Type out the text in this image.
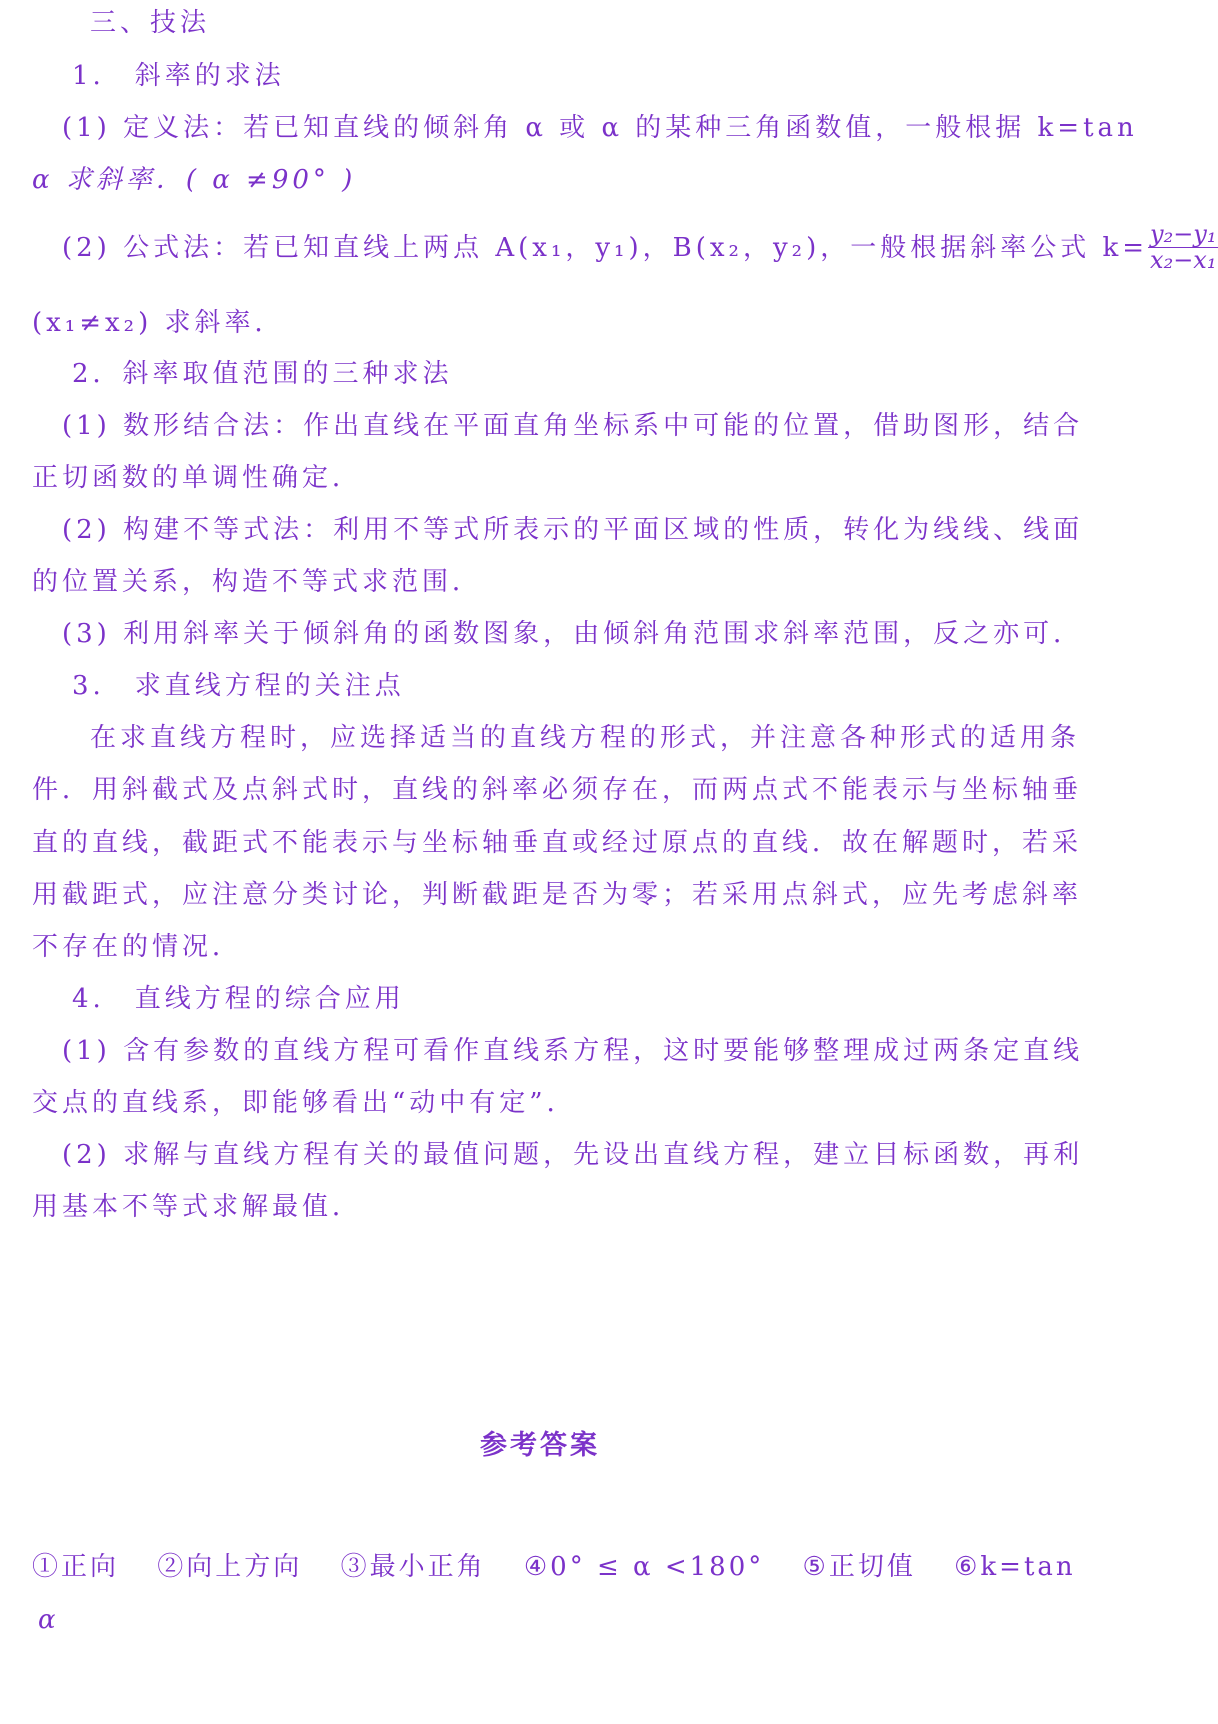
三、技法

1.　斜率的求法

(1) 定义法：若已知直线的倾斜角 α 或 α 的某种三角函数值，一般根据 k=tan

α 求斜率．( α ≠90° )

(2) 公式法：若已知直线上两点 A(x₁，y₁)，B(x₂，y₂)，一般根据斜率公式 $k= \frac{\text{y₂−y₁}}{\text{x₂−x₁}}$

(x₁≠x₂) 求斜率．

2．斜率取值范围的三种求法

(1) 数形结合法：作出直线在平面直角坐标系中可能的位置，借助图形，结合

正切函数的单调性确定．

(2) 构建不等式法：利用不等式所表示的平面区域的性质，转化为线线、线面

的位置关系，构造不等式求范围．

(3) 利用斜率关于倾斜角的函数图象，由倾斜角范围求斜率范围，反之亦可．

3.　求直线方程的关注点

在求直线方程时，应选择适当的直线方程的形式，并注意各种形式的适用条

件．用斜截式及点斜式时，直线的斜率必须存在，而两点式不能表示与坐标轴垂

直的直线，截距式不能表示与坐标轴垂直或经过原点的直线．故在解题时，若采

用截距式，应注意分类讨论，判断截距是否为零；若采用点斜式，应先考虑斜率

不存在的情况．

4.　直线方程的综合应用

(1) 含有参数的直线方程可看作直线系方程，这时要能够整理成过两条定直线

交点的直线系，即能够看出“动中有定”．

(2) 求解与直线方程有关的最值问题，先设出直线方程，建立目标函数，再利

用基本不等式求解最值．

参考答案
①正向 ②向上方向 ③最小正角 ④0° ≤ α <180° ⑤正切值 ⑥k=tan
α
